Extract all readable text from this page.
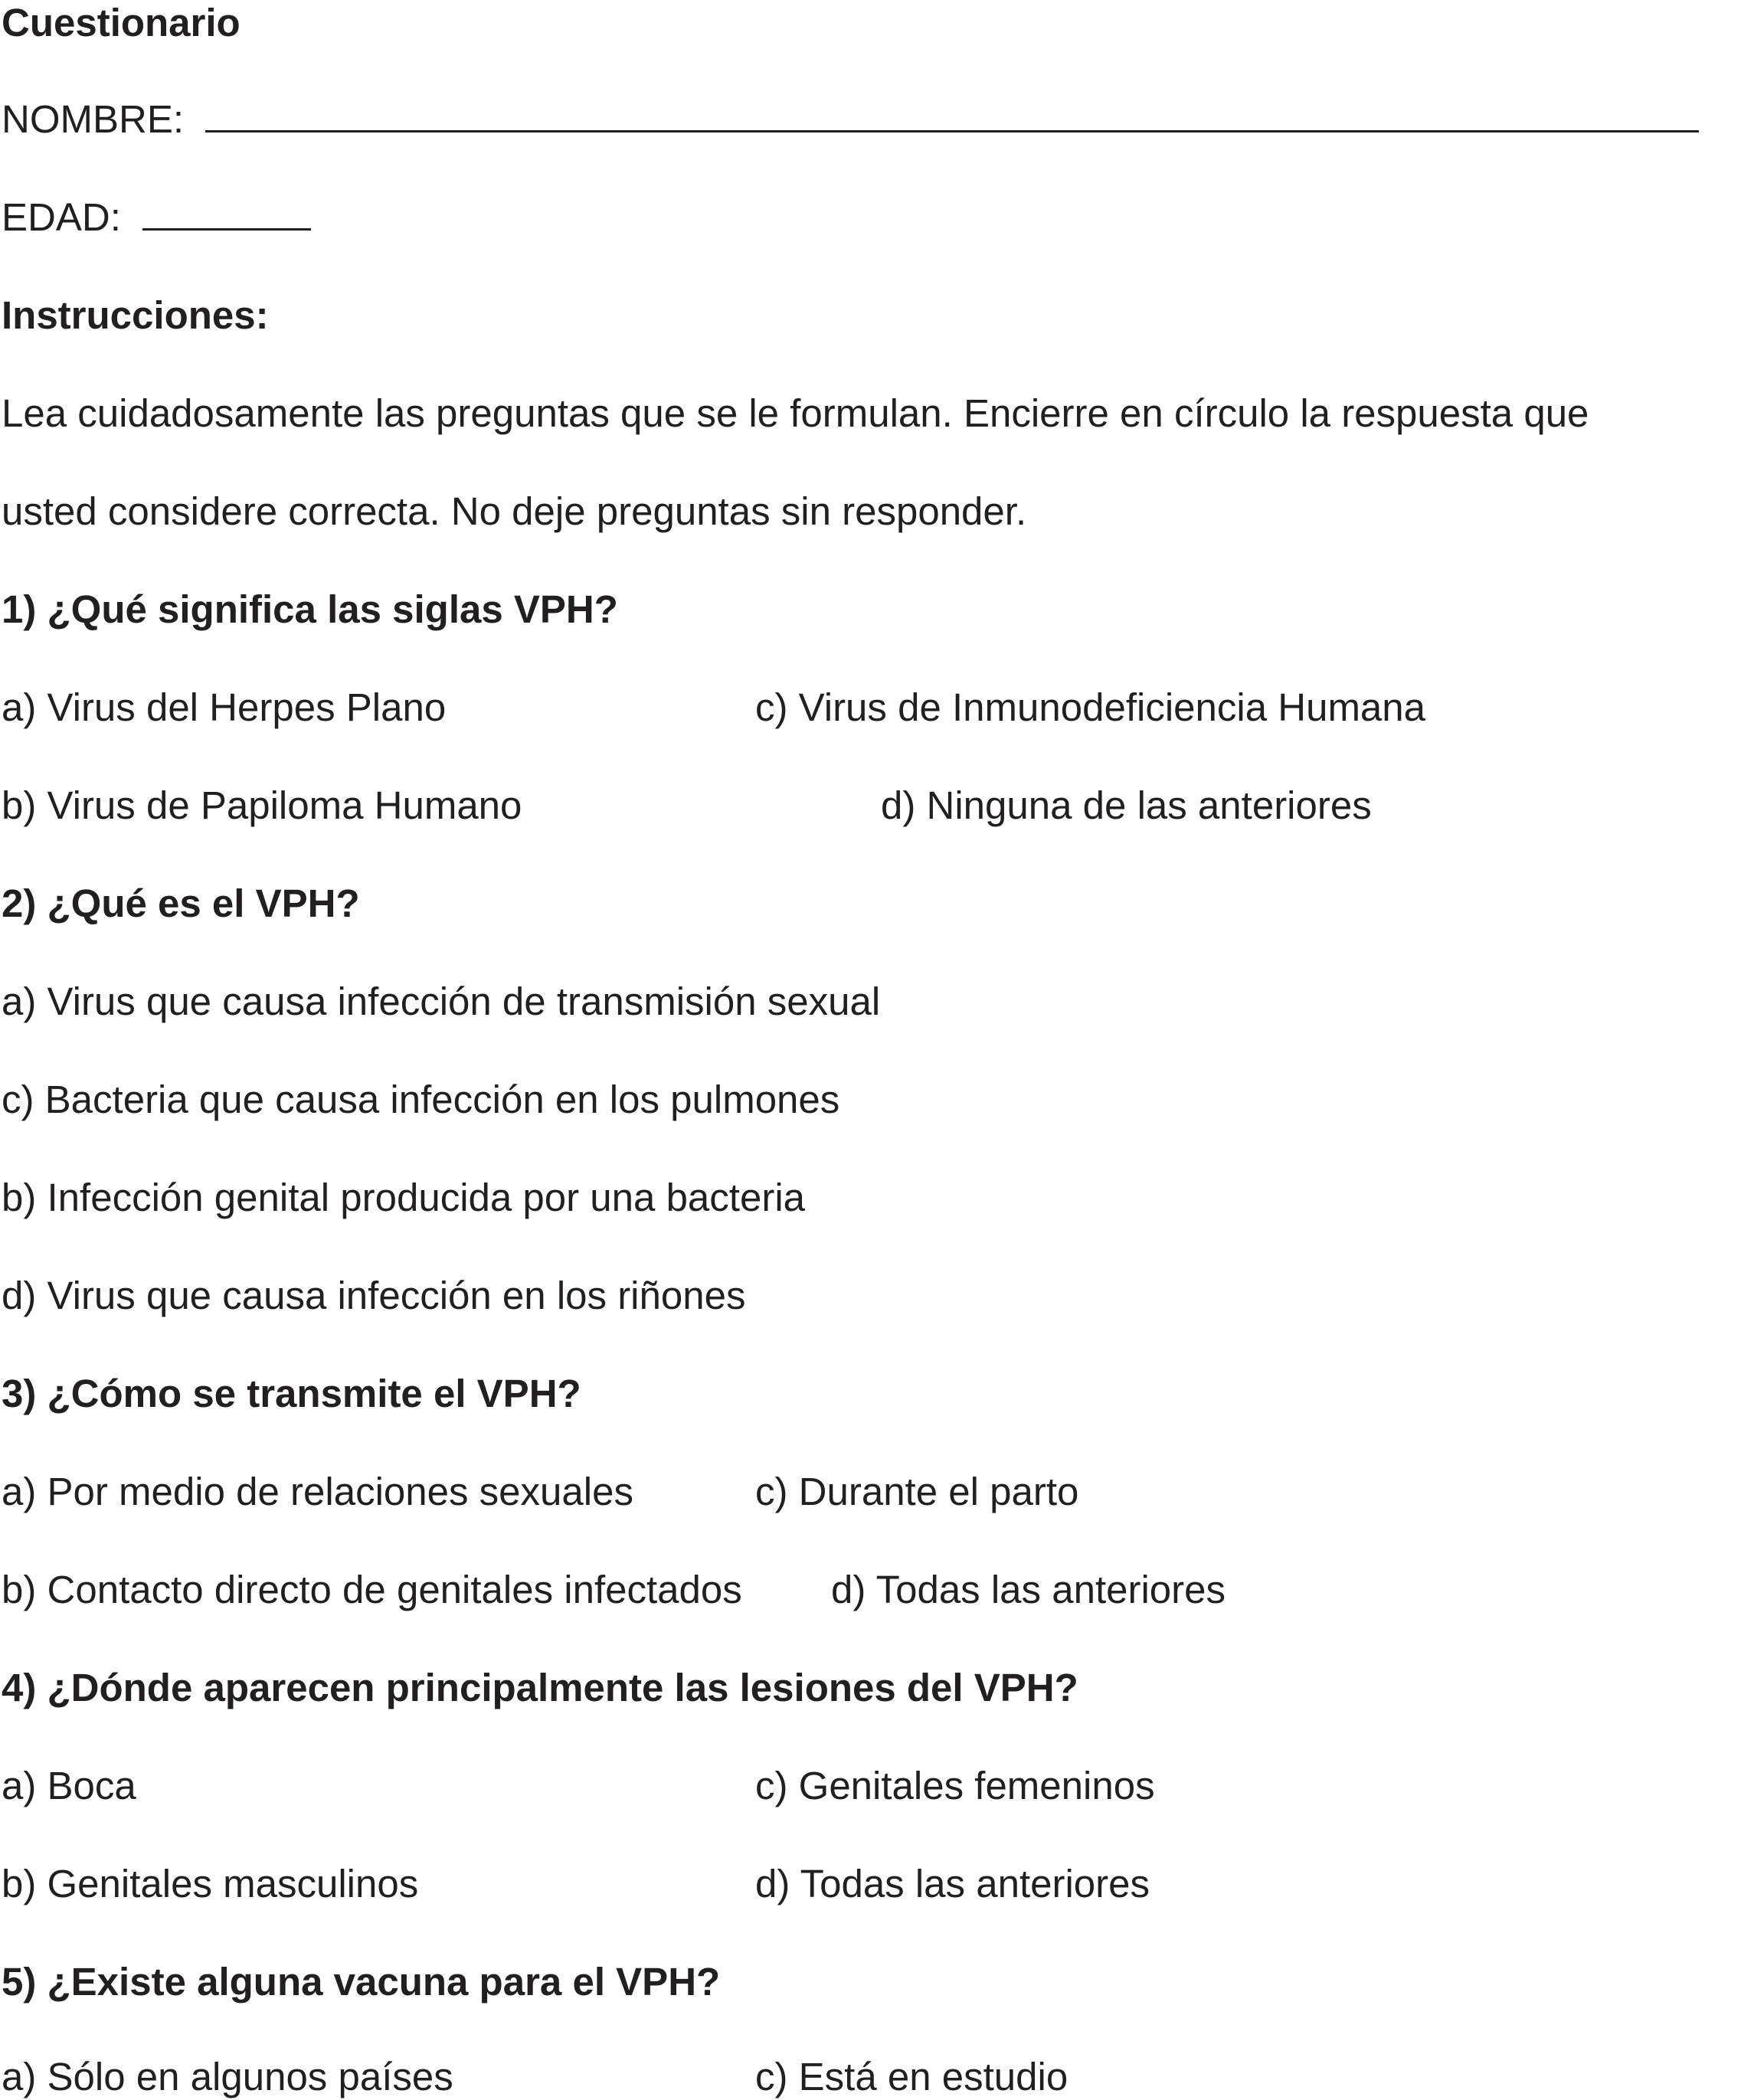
Cuestionario
NOMBRE:
EDAD:
Instrucciones:
Lea cuidadosamente las preguntas que se le formulan. Encierre en círculo la respuesta que
usted considere correcta. No deje preguntas sin responder.
1) ¿Qué significa las siglas VPH?
a) Virus del Herpes Plano	c) Virus de Inmunodeficiencia Humana
b) Virus de Papiloma Humano	d) Ninguna de las anteriores
2) ¿Qué es el VPH?
a) Virus que causa infección de transmisión sexual
c) Bacteria que causa infección en los pulmones
b) Infección genital producida por una bacteria
d) Virus que causa infección en los riñones
3) ¿Cómo se transmite el VPH?
a) Por medio de relaciones sexuales	c) Durante el parto
b) Contacto directo de genitales infectados d) Todas las anteriores
4) ¿Dónde aparecen principalmente las lesiones del VPH?
a) Boca	c) Genitales femeninos
b) Genitales masculinos	d) Todas las anteriores
5) ¿Existe alguna vacuna para el VPH?
a) Sólo en algunos países	c) Está en estudio
